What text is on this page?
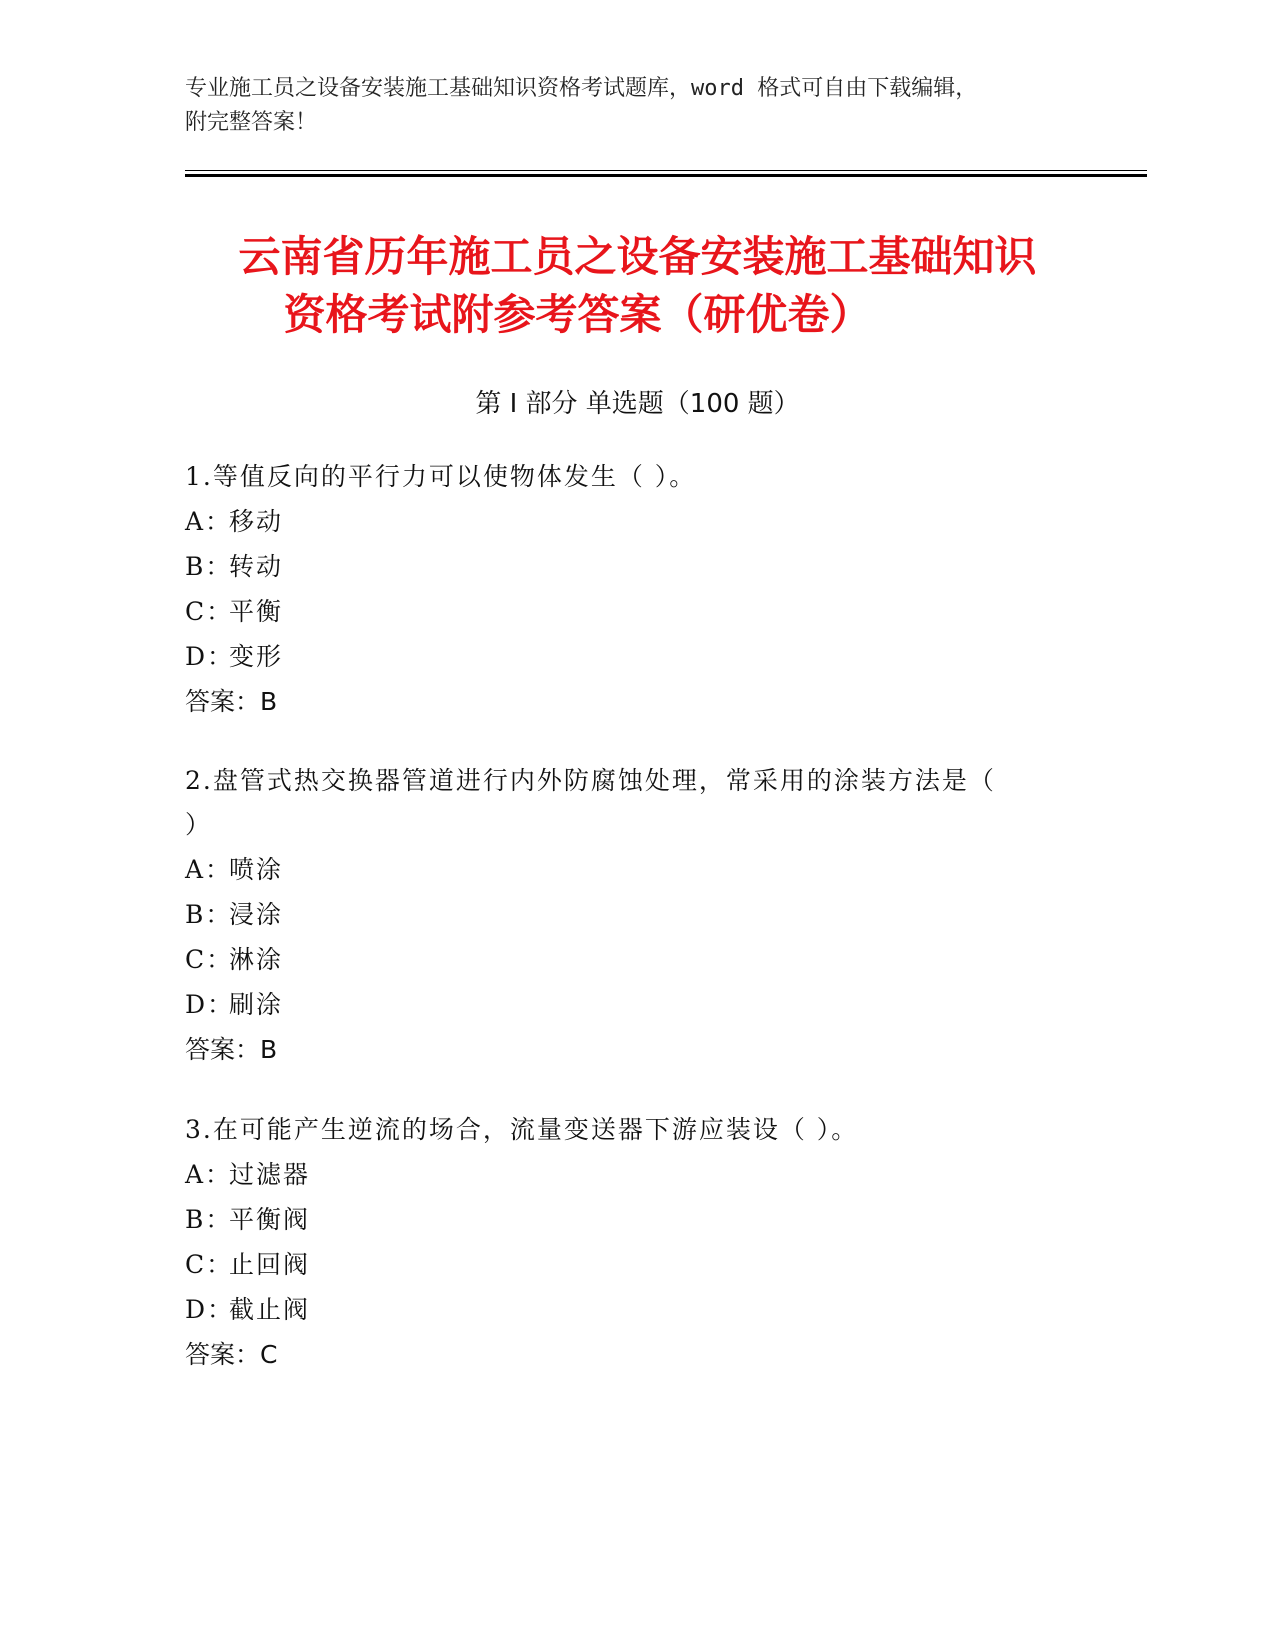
专业施工员之设备安装施工基础知识资格考试题库，word 格式可自由下载编辑，
附完整答案！
云南省历年施工员之设备安装施工基础知识
资格考试附参考答案（研优卷）
第 I 部分 单选题（100 题）
1.等值反向的平行力可以使物体发生（ ）。
A：移动
B：转动
C：平衡
D：变形
答案：B
2.盘管式热交换器管道进行内外防腐蚀处理，常采用的涂装方法是（
）
A：喷涂
B：浸涂
C：淋涂
D：刷涂
答案：B
3.在可能产生逆流的场合，流量变送器下游应装设（ ）。
A：过滤器
B：平衡阀
C：止回阀
D：截止阀
答案：C
